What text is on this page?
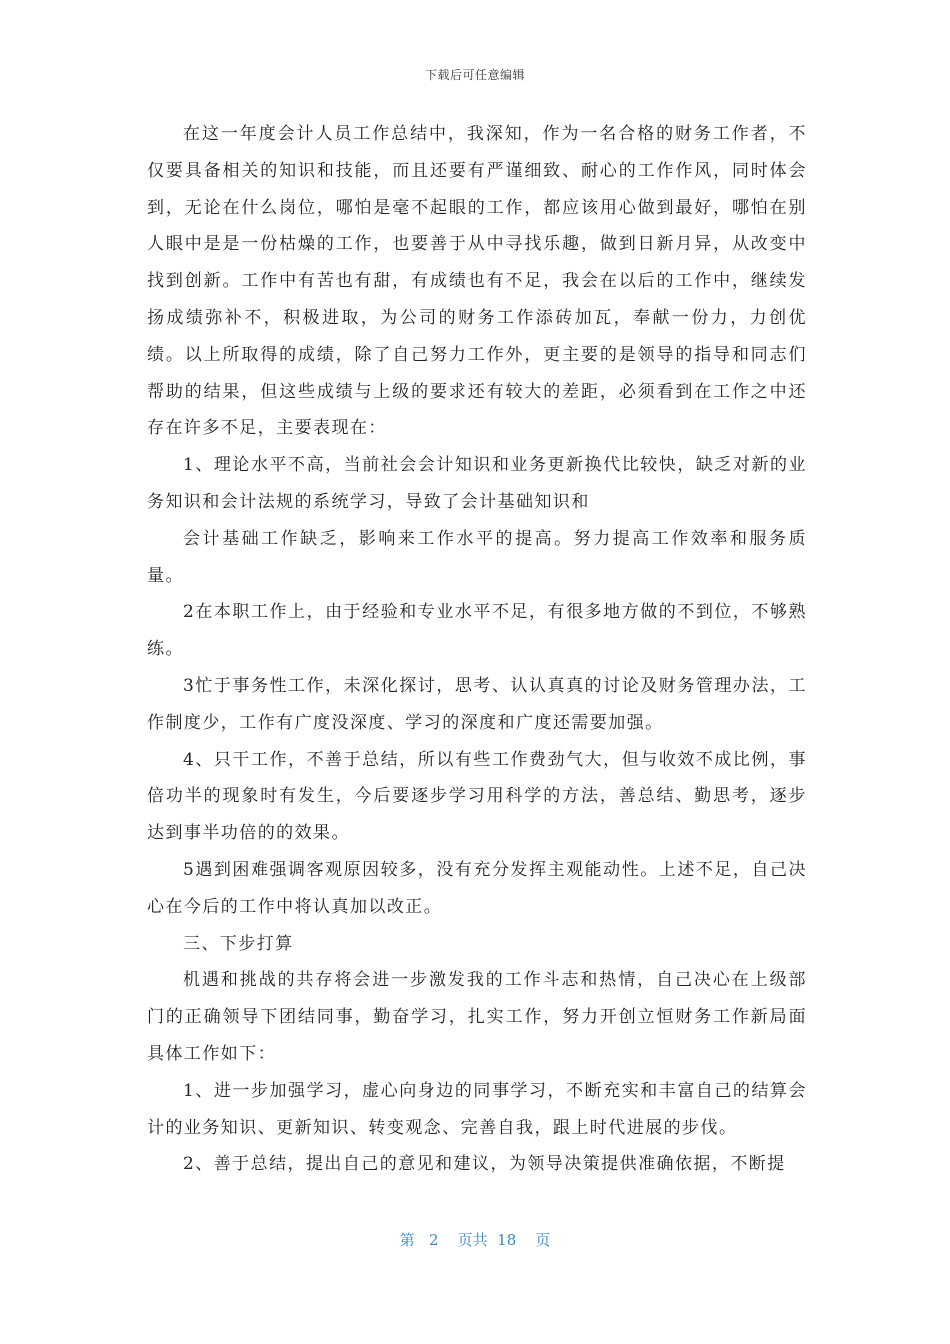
下载后可任意编辑

在这一年度会计人员工作总结中，我深知，作为一名合格的财务工作者，不仅要具备相关的知识和技能，而且还要有严谨细致、耐心的工作作风，同时体会到，无论在什么岗位，哪怕是毫不起眼的工作，都应该用心做到最好，哪怕在别人眼中是是一份枯燥的工作，也要善于从中寻找乐趣，做到日新月异，从改变中找到创新。工作中有苦也有甜，有成绩也有不足，我会在以后的工作中，继续发扬成绩弥补不，积极进取，为公司的财务工作添砖加瓦，奉献一份力，力创优绩。以上所取得的成绩，除了自己努力工作外，更主要的是领导的指导和同志们帮助的结果，但这些成绩与上级的要求还有较大的差距，必须看到在工作之中还存在许多不足，主要表现在：

1、理论水平不高，当前社会会计知识和业务更新换代比较快，缺乏对新的业务知识和会计法规的系统学习，导致了会计基础知识和

会计基础工作缺乏，影响来工作水平的提高。努力提高工作效率和服务质量。

2在本职工作上，由于经验和专业水平不足，有很多地方做的不到位，不够熟练。

3忙于事务性工作，未深化探讨，思考、认认真真的讨论及财务管理办法，工作制度少，工作有广度没深度、学习的深度和广度还需要加强。

4、只干工作，不善于总结，所以有些工作费劲气大，但与收效不成比例，事倍功半的现象时有发生，今后要逐步学习用科学的方法，善总结、勤思考，逐步达到事半功倍的的效果。

5遇到困难强调客观原因较多，没有充分发挥主观能动性。上述不足，自己决心在今后的工作中将认真加以改正。

三、下步打算

机遇和挑战的共存将会进一步激发我的工作斗志和热情，自己决心在上级部门的正确领导下团结同事，勤奋学习，扎实工作，努力开创立恒财务工作新局面具体工作如下：

1、进一步加强学习，虚心向身边的同事学习，不断充实和丰富自己的结算会计的业务知识、更新知识、转变观念、完善自我，跟上时代进展的步伐。

2、善于总结，提出自己的意见和建议，为领导决策提供准确依据，不断提

第 2 页共 18 页
